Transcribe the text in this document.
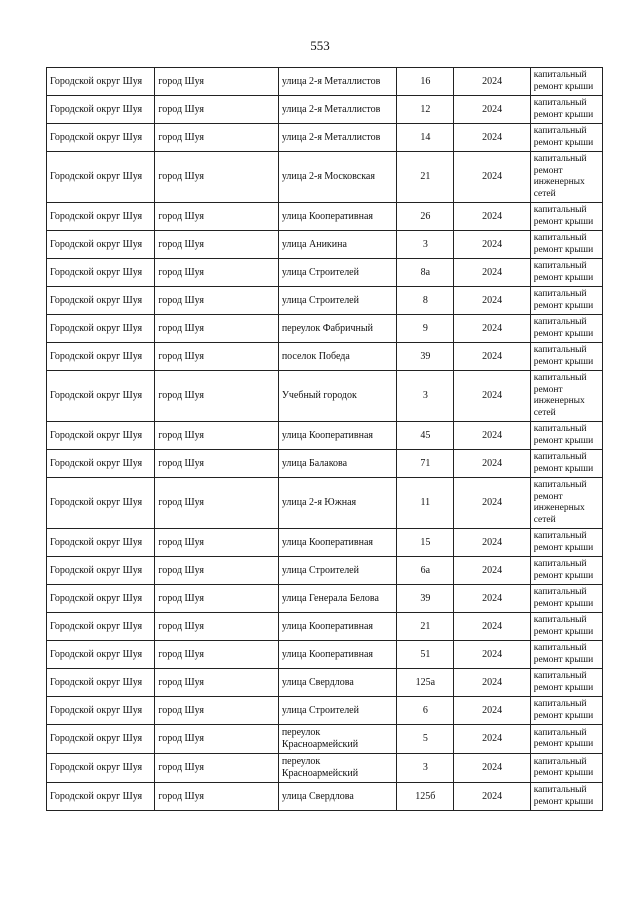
553
Городской округ Шуя	город Шуя	улица 2-я Металлистов	16	2024	капитальный ремонт крыши
Городской округ Шуя	город Шуя	улица 2-я Металлистов	12	2024	капитальный ремонт крыши
Городской округ Шуя	город Шуя	улица 2-я Металлистов	14	2024	капитальный ремонт крыши
Городской округ Шуя	город Шуя	улица 2-я Московская	21	2024	капитальный ремонт инженерных сетей
Городской округ Шуя	город Шуя	улица Кооперативная	26	2024	капитальный ремонт крыши
Городской округ Шуя	город Шуя	улица Аникина	3	2024	капитальный ремонт крыши
Городской округ Шуя	город Шуя	улица Строителей	8а	2024	капитальный ремонт крыши
Городской округ Шуя	город Шуя	улица Строителей	8	2024	капитальный ремонт крыши
Городской округ Шуя	город Шуя	переулок Фабричный	9	2024	капитальный ремонт крыши
Городской округ Шуя	город Шуя	поселок Победа	39	2024	капитальный ремонт крыши
Городской округ Шуя	город Шуя	Учебный городок	3	2024	капитальный ремонт инженерных сетей
Городской округ Шуя	город Шуя	улица Кооперативная	45	2024	капитальный ремонт крыши
Городской округ Шуя	город Шуя	улица Балакова	71	2024	капитальный ремонт крыши
Городской округ Шуя	город Шуя	улица 2-я Южная	11	2024	капитальный ремонт инженерных сетей
Городской округ Шуя	город Шуя	улица Кооперативная	15	2024	капитальный ремонт крыши
Городской округ Шуя	город Шуя	улица Строителей	6а	2024	капитальный ремонт крыши
Городской округ Шуя	город Шуя	улица Генерала Белова	39	2024	капитальный ремонт крыши
Городской округ Шуя	город Шуя	улица Кооперативная	21	2024	капитальный ремонт крыши
Городской округ Шуя	город Шуя	улица Кооперативная	51	2024	капитальный ремонт крыши
Городской округ Шуя	город Шуя	улица Свердлова	125а	2024	капитальный ремонт крыши
Городской округ Шуя	город Шуя	улица Строителей	6	2024	капитальный ремонт крыши
Городской округ Шуя	город Шуя	переулок Красноармейский	5	2024	капитальный ремонт крыши
Городской округ Шуя	город Шуя	переулок Красноармейский	3	2024	капитальный ремонт крыши
Городской округ Шуя	город Шуя	улица Свердлова	125б	2024	капитальный ремонт крыши
